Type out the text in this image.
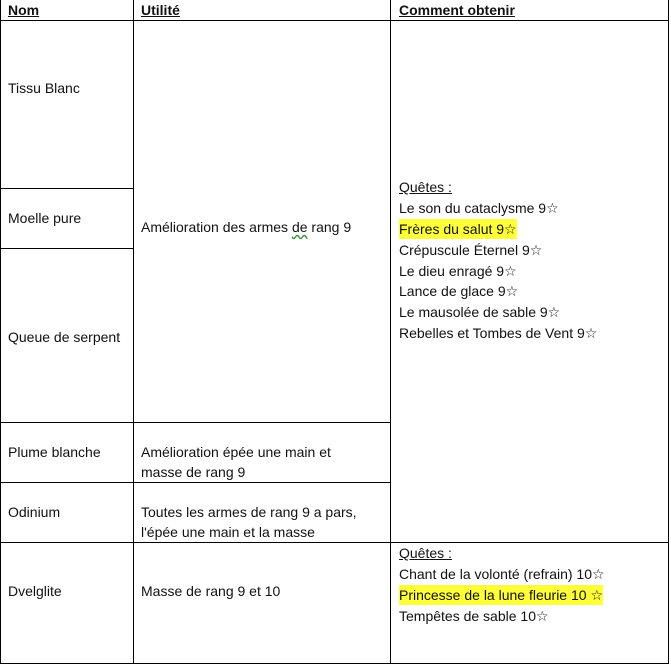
Nom	Utilité	Comment obtenir
Tissu Blanc
Moelle pure
Queue de serpent
Plume blanche
Odinium
Dvelglite
Amélioration des armes de rang 9
Amélioration épée une main et
masse de rang 9
Toutes les armes de rang 9 a pars,
l'épée une main et la masse
Masse de rang 9 et 10
Quêtes :
Le son du cataclysme 9☆
Frères du salut 9☆
Crépuscule Éternel 9☆
Le dieu enragé 9☆
Lance de glace 9☆
Le mausolée de sable 9☆
Rebelles et Tombes de Vent 9☆
Quêtes :
Chant de la volonté (refrain) 10☆
Princesse de la lune fleurie 10 ☆
Tempêtes de sable 10☆
